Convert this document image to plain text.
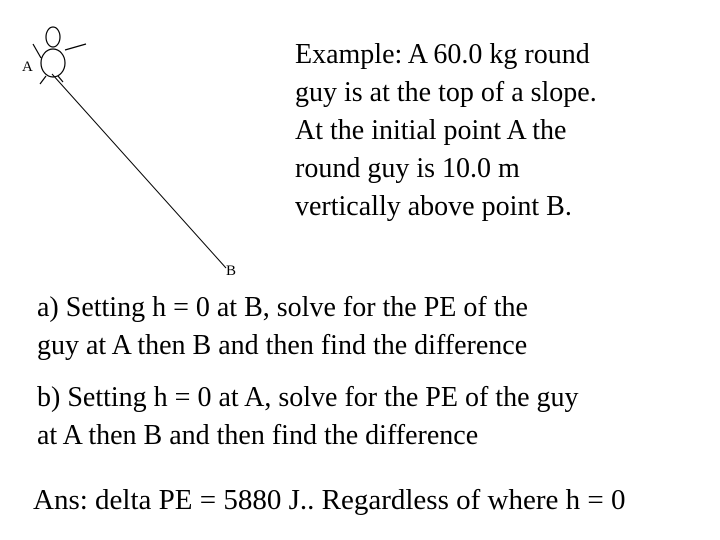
A
B
Example: A 60.0 kg round
guy is at the top of a slope.
At the initial point A the
round guy is 10.0 m
vertically above point B.
a) Setting h = 0 at B, solve for the PE of the
guy at A then B and then find the difference
b) Setting h = 0 at A, solve for the PE of the guy
at A then B and then find the difference
Ans: delta PE = 5880 J.. Regardless of where h = 0
